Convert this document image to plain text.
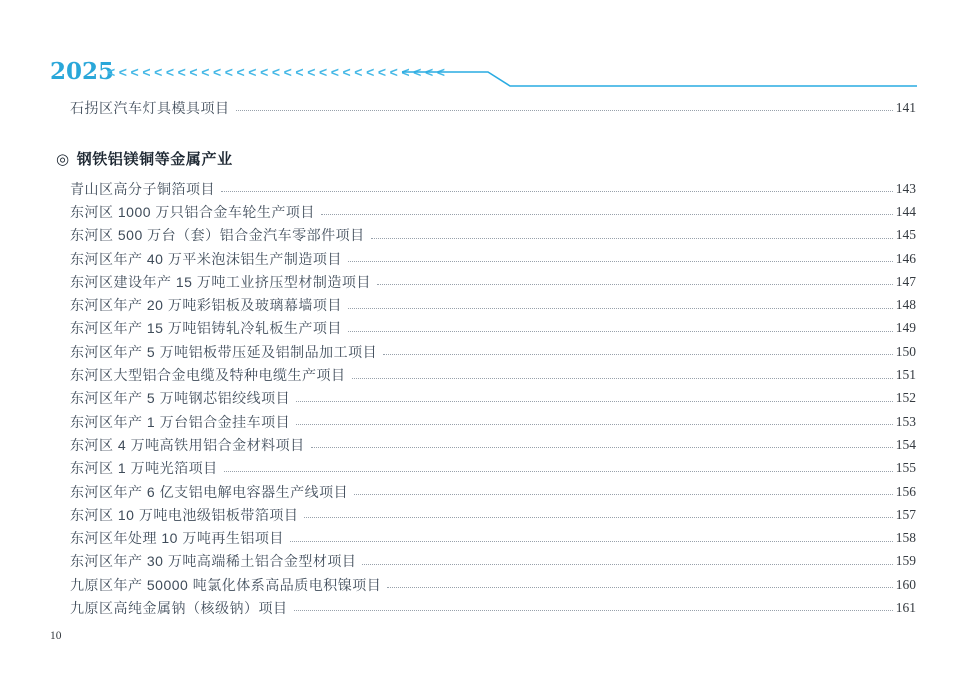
2025
<<<<<<<<<<<<<<<<<<<<<<<<<<<<<
石拐区汽车灯具模具项目	141
◎ 钢铁铝镁铜等金属产业
青山区高分子铜箔项目	143
东河区 1000 万只铝合金车轮生产项目	144
东河区 500 万台（套）铝合金汽车零部件项目	145
东河区年产 40 万平米泡沫铝生产制造项目	146
东河区建设年产 15 万吨工业挤压型材制造项目	147
东河区年产 20 万吨彩铝板及玻璃幕墙项目	148
东河区年产 15 万吨铝铸轧冷轧板生产项目	149
东河区年产 5 万吨铝板带压延及铝制品加工项目	150
东河区大型铝合金电缆及特种电缆生产项目	151
东河区年产 5 万吨钢芯铝绞线项目	152
东河区年产 1 万台铝合金挂车项目	153
东河区 4 万吨高铁用铝合金材料项目	154
东河区 1 万吨光箔项目	155
东河区年产 6 亿支铝电解电容器生产线项目	156
东河区 10 万吨电池级铝板带箔项目	157
东河区年处理 10 万吨再生铝项目	158
东河区年产 30 万吨高端稀土铝合金型材项目	159
九原区年产 50000 吨氯化体系高品质电积镍项目	160
九原区高纯金属钠（核级钠）项目	161
10
